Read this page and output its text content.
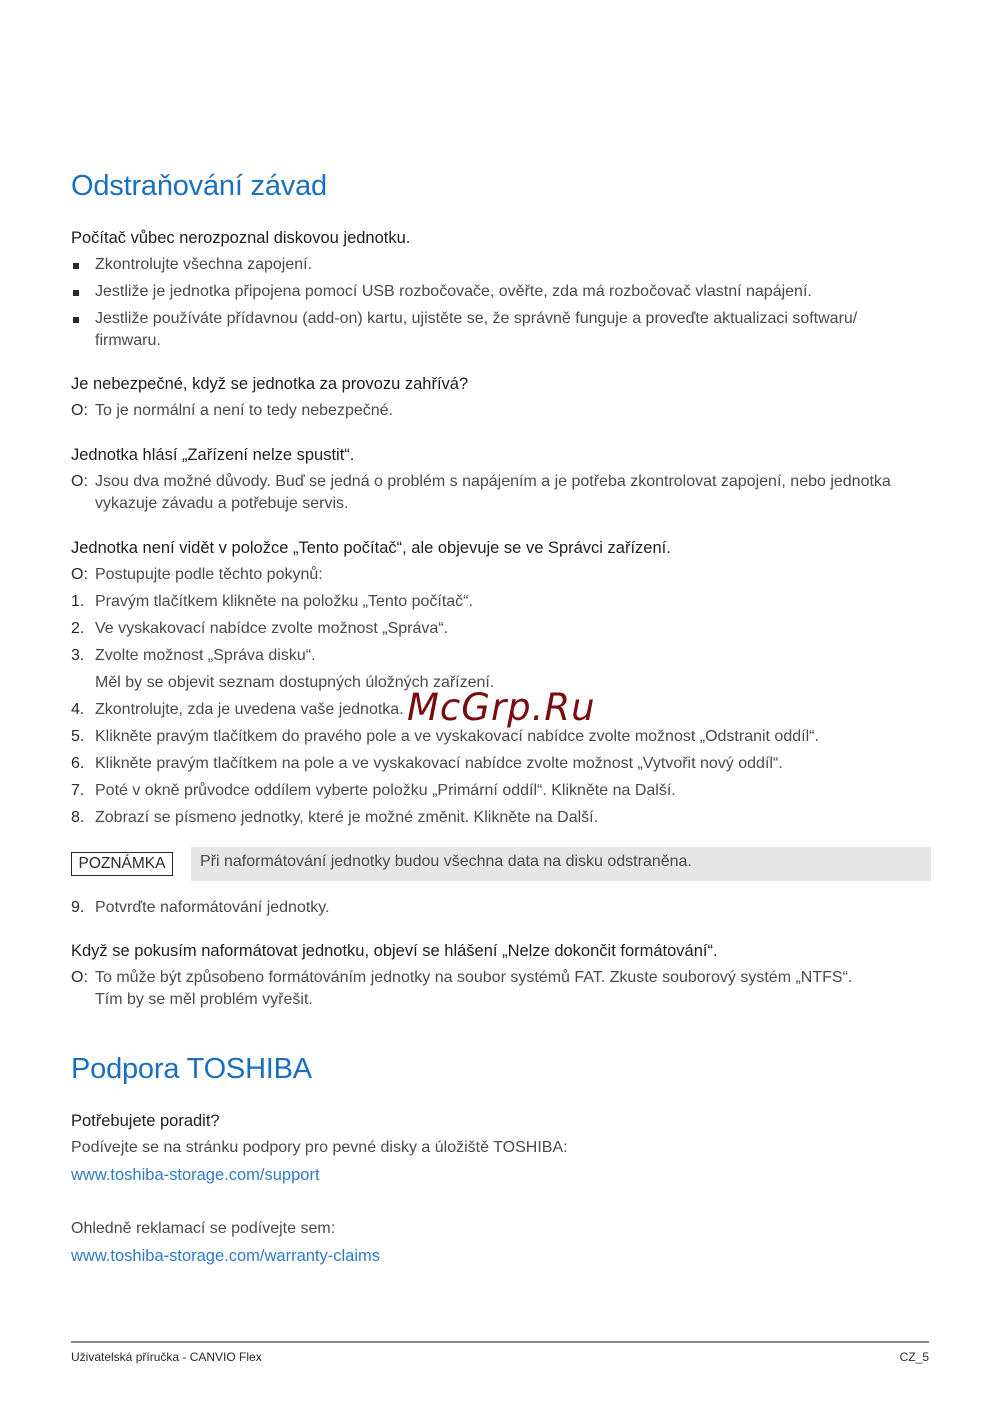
Odstraňování závad

Počítač vůbec nerozpoznal diskovou jednotku.

Zkontrolujte všechna zapojení.

Jestliže je jednotka připojena pomocí USB rozbočovače, ověřte, zda má rozbočovač vlastní napájení.

Jestliže používáte přídavnou (add-on) kartu, ujistěte se, že správně funguje a proveďte aktualizaci softwaru/

firmwaru.

Je nebezpečné, když se jednotka za provozu zahřívá?

O: To je normální a není to tedy nebezpečné.

Jednotka hlásí „Zařízení nelze spustit“.

O: Jsou dva možné důvody. Buď se jedná o problém s napájením a je potřeba zkontrolovat zapojení, nebo jednotka

vykazuje závadu a potřebuje servis.

Jednotka není vidět v položce „Tento počítač“, ale objevuje se ve Správci zařízení.

O: Postupujte podle těchto pokynů:

1. Pravým tlačítkem klikněte na položku „Tento počítač“.

2. Ve vyskakovací nabídce zvolte možnost „Správa“.

3. Zvolte možnost „Správa disku“.

Měl by se objevit seznam dostupných úložných zařízení.

4. Zkontrolujte, zda je uvedena vaše jednotka.

5. Klikněte pravým tlačítkem do pravého pole a ve vyskakovací nabídce zvolte možnost „Odstranit oddíl“.

6. Klikněte pravým tlačítkem na pole a ve vyskakovací nabídce zvolte možnost „Vytvořit nový oddíl“.

7. Poté v okně průvodce oddílem vyberte položku „Primární oddíl“. Klikněte na Další.

8. Zobrazí se písmeno jednotky, které je možné změnit. Klikněte na Další.

POZNÁMKA	Při naformátování jednotky budou všechna data na disku odstraněna.

9. Potvrďte naformátování jednotky.

Když se pokusím naformátovat jednotku, objeví se hlášení „Nelze dokončit formátování“.

O: To může být způsobeno formátováním jednotky na soubor systémů FAT. Zkuste souborový systém „NTFS“.

Tím by se měl problém vyřešit.

Podpora TOSHIBA

Potřebujete poradit?

Podívejte se na stránku podpory pro pevné disky a úložiště TOSHIBA:

www.toshiba-storage.com/support

Ohledně reklamací se podívejte sem:

www.toshiba-storage.com/warranty-claims
McGrp.Ru
Uživatelská příručka - CANVIO Flex	CZ_5
